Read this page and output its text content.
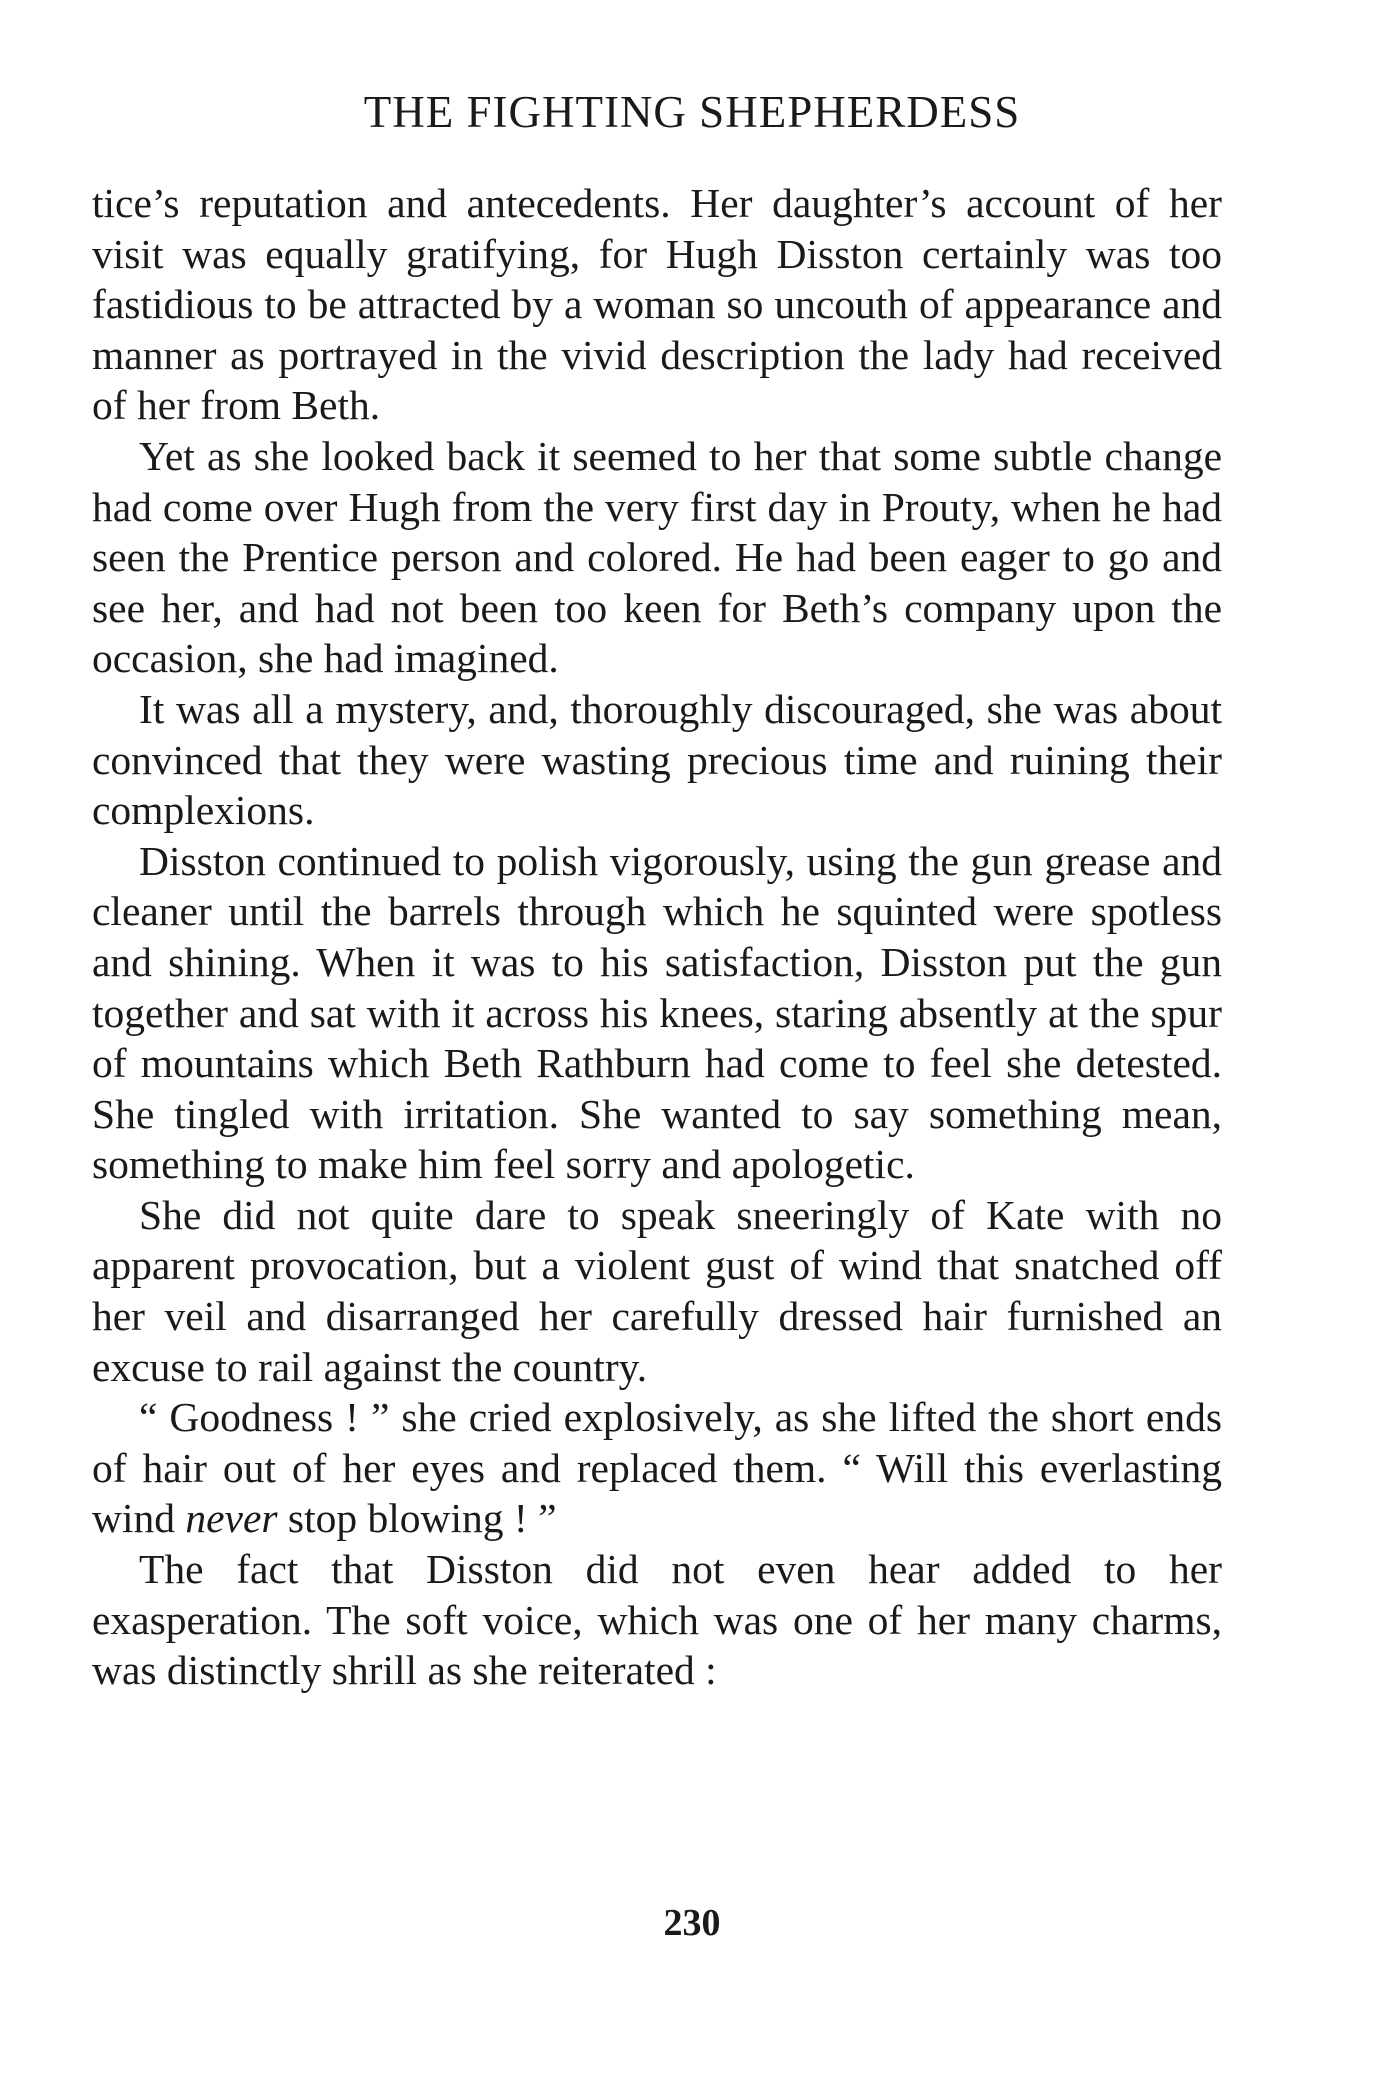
THE FIGHTING SHEPHERDESS

tice’s reputation and antecedents. Her daughter’s account of her visit was equally gratifying, for Hugh Disston certainly was too fastidious to be attracted by a woman so uncouth of appearance and manner as portrayed in the vivid description the lady had received of her from Beth.

Yet as she looked back it seemed to her that some subtle change had come over Hugh from the very first day in Prouty, when he had seen the Prentice person and colored. He had been eager to go and see her, and had not been too keen for Beth’s company upon the occasion, she had imagined.

It was all a mystery, and, thoroughly discouraged, she was about convinced that they were wasting precious time and ruining their complexions.

Disston continued to polish vigorously, using the gun grease and cleaner until the barrels through which he squinted were spotless and shining. When it was to his satisfaction, Disston put the gun together and sat with it across his knees, staring absently at the spur of mountains which Beth Rathburn had come to feel she detested. She tingled with irritation. She wanted to say something mean, something to make him feel sorry and apologetic.

She did not quite dare to speak sneeringly of Kate with no apparent provocation, but a violent gust of wind that snatched off her veil and disarranged her carefully dressed hair furnished an excuse to rail against the country.

“ Goodness ! ” she cried explosively, as she lifted the short ends of hair out of her eyes and replaced them. “ Will this everlasting wind never stop blowing ! ”

The fact that Disston did not even hear added to her exasperation. The soft voice, which was one of her many charms, was distinctly shrill as she reiterated :

230
